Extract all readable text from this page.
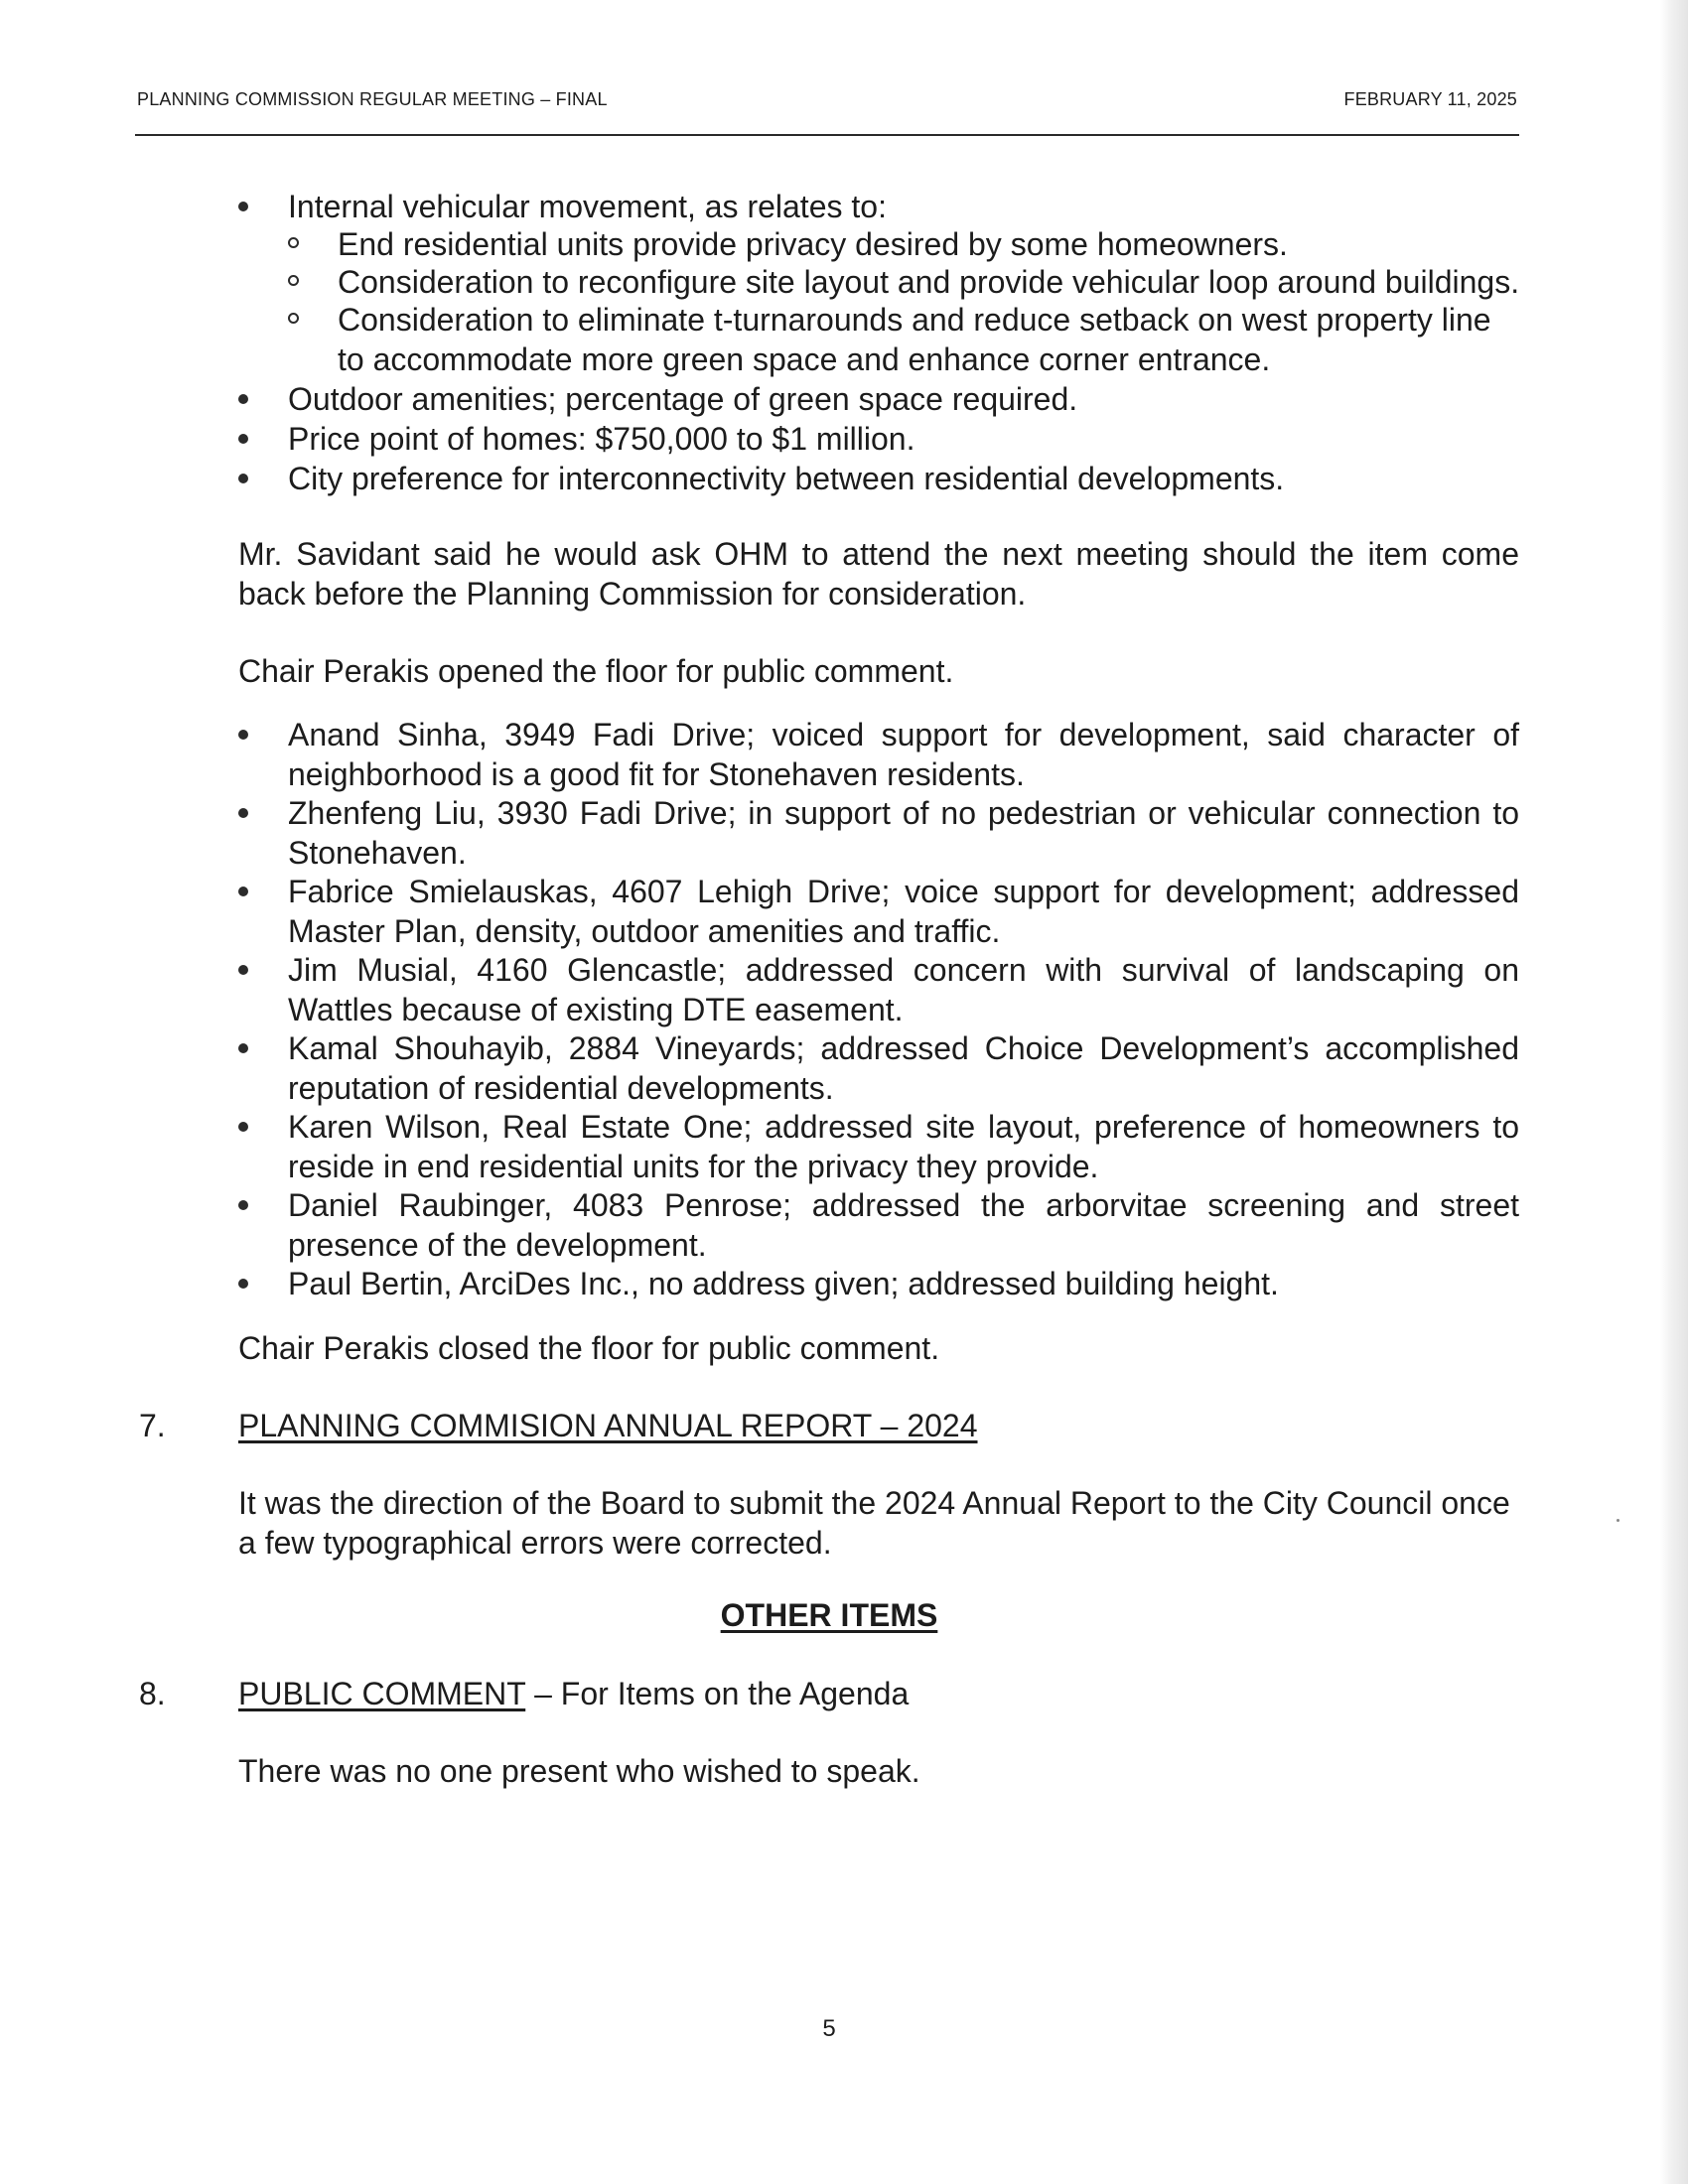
PLANNING COMMISSION REGULAR MEETING – FINAL	FEBRUARY 11, 2025
Internal vehicular movement, as relates to:
End residential units provide privacy desired by some homeowners.
Consideration to reconfigure site layout and provide vehicular loop around buildings.
Consideration to eliminate t-turnarounds and reduce setback on west property line to accommodate more green space and enhance corner entrance.
Outdoor amenities; percentage of green space required.
Price point of homes: $750,000 to $1 million.
City preference for interconnectivity between residential developments.
Mr. Savidant said he would ask OHM to attend the next meeting should the item come back before the Planning Commission for consideration.
Chair Perakis opened the floor for public comment.
Anand Sinha, 3949 Fadi Drive; voiced support for development, said character of neighborhood is a good fit for Stonehaven residents.
Zhenfeng Liu, 3930 Fadi Drive; in support of no pedestrian or vehicular connection to Stonehaven.
Fabrice Smielauskas, 4607 Lehigh Drive; voice support for development; addressed Master Plan, density, outdoor amenities and traffic.
Jim Musial, 4160 Glencastle; addressed concern with survival of landscaping on Wattles because of existing DTE easement.
Kamal Shouhayib, 2884 Vineyards; addressed Choice Development’s accomplished reputation of residential developments.
Karen Wilson, Real Estate One; addressed site layout, preference of homeowners to reside in end residential units for the privacy they provide.
Daniel Raubinger, 4083 Penrose; addressed the arborvitae screening and street presence of the development.
Paul Bertin, ArciDes Inc., no address given; addressed building height.
Chair Perakis closed the floor for public comment.
7. PLANNING COMMISION ANNUAL REPORT – 2024
It was the direction of the Board to submit the 2024 Annual Report to the City Council once a few typographical errors were corrected.
OTHER ITEMS
8. PUBLIC COMMENT – For Items on the Agenda
There was no one present who wished to speak.
5
